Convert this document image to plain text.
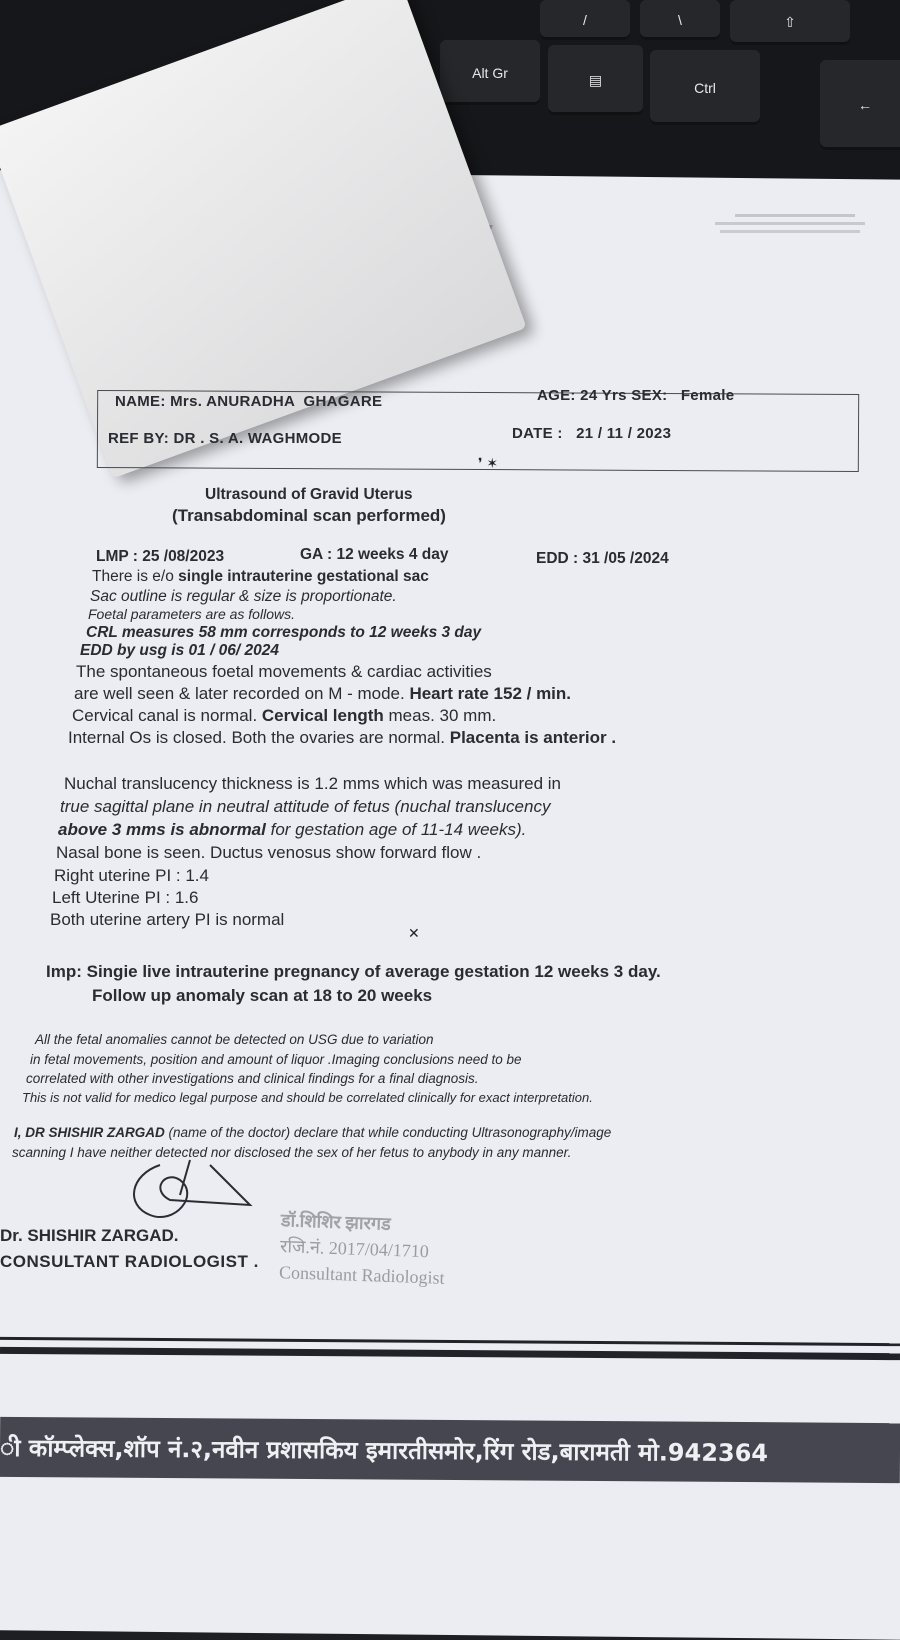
/	\	⇧
Alt Gr	▤	Ctrl
←
NAME: Mrs. ANURADHA  GHAGARE	AGE: 24 Yrs SEX: Female
REF BY: DR . S. A. WAGHMODE	DATE : 21 / 11 / 2023
❜ ✶
Ultrasound of Gravid Uterus
(Transabdominal scan performed)
LMP : 25 /08/2023	GA : 12 weeks 4 day	EDD : 31 /05 /2024
There is e/o single intrauterine gestational sac
Sac outline is regular & size is proportionate.
Foetal parameters are as follows.
CRL measures 58 mm corresponds to 12 weeks 3 day
EDD by usg is 01 / 06/ 2024
The spontaneous foetal movements & cardiac activities
are well seen & later recorded on M - mode. Heart rate 152 / min.
Cervical canal is normal. Cervical length meas. 30 mm.
Internal Os is closed. Both the ovaries are normal. Placenta is anterior .
Nuchal translucency thickness is 1.2 mms which was measured in
true sagittal plane in neutral attitude of fetus (nuchal translucency
above 3 mms is abnormal for gestation age of 11-14 weeks).
Nasal bone is seen. Ductus venosus show forward flow .
Right uterine PI : 1.4
Left Uterine PI : 1.6
Both uterine artery PI is normal
✕
Imp: Singie live intrauterine pregnancy of average gestation 12 weeks 3 day.
Follow up anomaly scan at 18 to 20 weeks
All the fetal anomalies cannot be detected on USG due to variation
in fetal movements, position and amount of liquor .Imaging conclusions need to be
correlated with other investigations and clinical findings for a final diagnosis.
This is not valid for medico legal purpose and should be correlated clinically for exact interpretation.
I, DR SHISHIR ZARGAD (name of the doctor) declare that while conducting Ultrasonography/image
scanning I have neither detected nor disclosed the sex of her fetus to anybody in any manner.
Dr. SHISHIR ZARGAD.
CONSULTANT RADIOLOGIST .
डॉ.शिशिर झारगड
रजि.नं. 2017/04/1710
Consultant Radiologist
ी कॉम्प्लेक्स,शॉप नं.२,नवीन प्रशासकिय इमारतीसमोर,रिंग रोड,बारामती मो.942364
